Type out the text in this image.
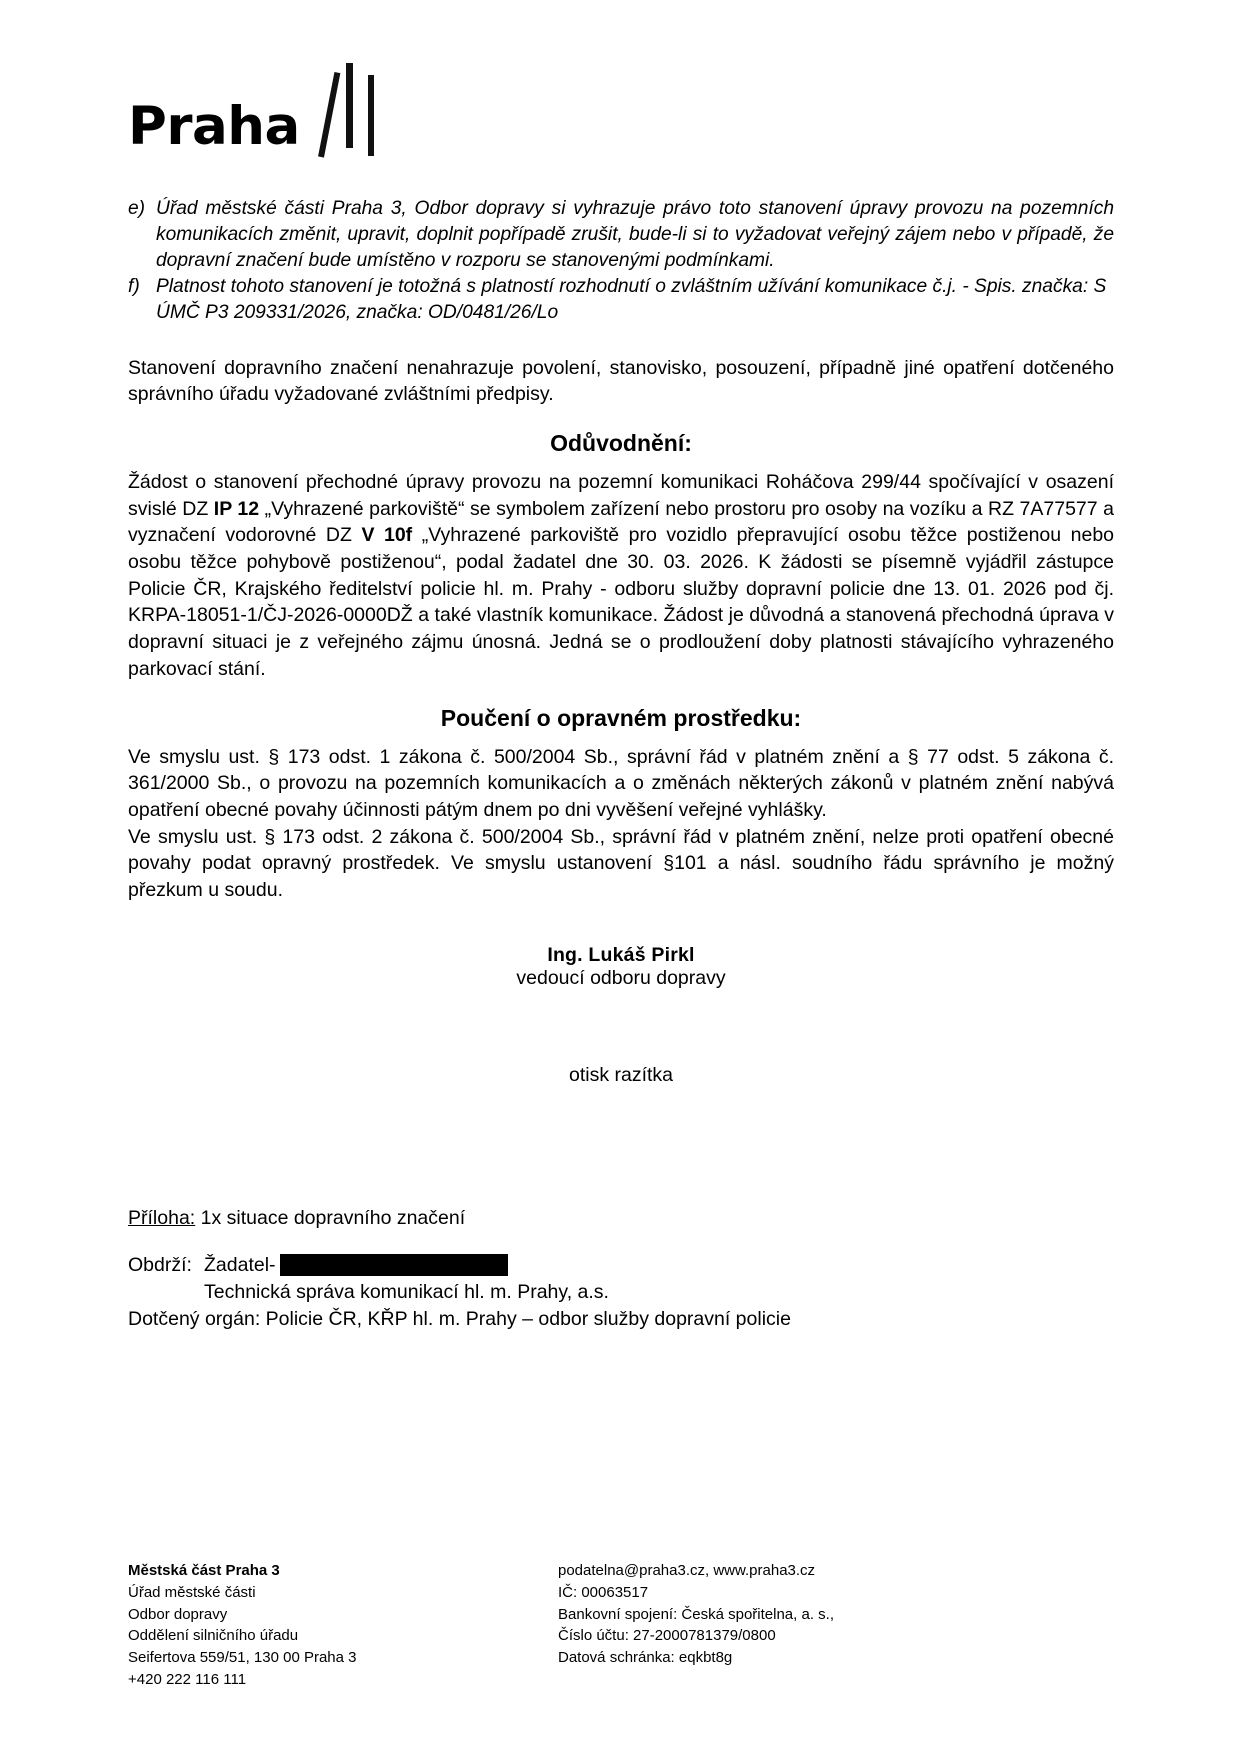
Praha
e) Úřad městské části Praha 3, Odbor dopravy si vyhrazuje právo toto stanovení úpravy provozu na pozemních komunikacích změnit, upravit, doplnit popřípadě zrušit, bude-li si to vyžadovat veřejný zájem nebo v případě, že dopravní značení bude umístěno v rozporu se stanovenými podmínkami.
f) Platnost tohoto stanovení je totožná s platností rozhodnutí o zvláštním užívání komunikace č.j. - Spis. značka: S ÚMČ P3 209331/2026, značka: OD/0481/26/Lo

Stanovení dopravního značení nenahrazuje povolení, stanovisko, posouzení, případně jiné opatření dotčeného správního úřadu vyžadované zvláštními předpisy.

Odůvodnění:

Žádost o stanovení přechodné úpravy provozu na pozemní komunikaci Roháčova 299/44 spočívající v osazení svislé DZ IP 12 „Vyhrazené parkoviště“ se symbolem zařízení nebo prostoru pro osoby na vozíku a RZ 7A77577 a vyznačení vodorovné DZ V 10f „Vyhrazené parkoviště pro vozidlo přepravující osobu těžce postiženou nebo osobu těžce pohybově postiženou“, podal žadatel dne 30. 03. 2026. K žádosti se písemně vyjádřil zástupce Policie ČR, Krajského ředitelství policie hl. m. Prahy - odboru služby dopravní policie dne 13. 01. 2026 pod čj. KRPA-18051-1/ČJ-2026-0000DŽ a také vlastník komunikace. Žádost je důvodná a stanovená přechodná úprava v dopravní situaci je z veřejného zájmu únosná. Jedná se o prodloužení doby platnosti stávajícího vyhrazeného parkovací stání.

Poučení o opravném prostředku:

Ve smyslu ust. § 173 odst. 1 zákona č. 500/2004 Sb., správní řád v platném znění a § 77 odst. 5 zákona č. 361/2000 Sb., o provozu na pozemních komunikacích a o změnách některých zákonů v platném znění nabývá opatření obecné povahy účinnosti pátým dnem po dni vyvěšení veřejné vyhlášky.

Ve smyslu ust. § 173 odst. 2 zákona č. 500/2004 Sb., správní řád v platném znění, nelze proti opatření obecné povahy podat opravný prostředek. Ve smyslu ustanovení §101 a násl. soudního řádu správního je možný přezkum u soudu.

Ing. Lukáš Pirkl
vedoucí odboru dopravy
otisk razítka
Příloha: 1x situace dopravního značení
Obdrží: Žadatel-
Technická správa komunikací hl. m. Prahy, a.s.
Dotčený orgán: Policie ČR, KŘP hl. m. Prahy – odbor služby dopravní policie
Městská část Praha 3
Úřad městské části
Odbor dopravy
Oddělení silničního úřadu
Seifertova 559/51, 130 00 Praha 3
+420 222 116 111
podatelna@praha3.cz, www.praha3.cz
IČ: 00063517
Bankovní spojení: Česká spořitelna, a. s.,
Číslo účtu: 27-2000781379/0800
Datová schránka: eqkbt8g
